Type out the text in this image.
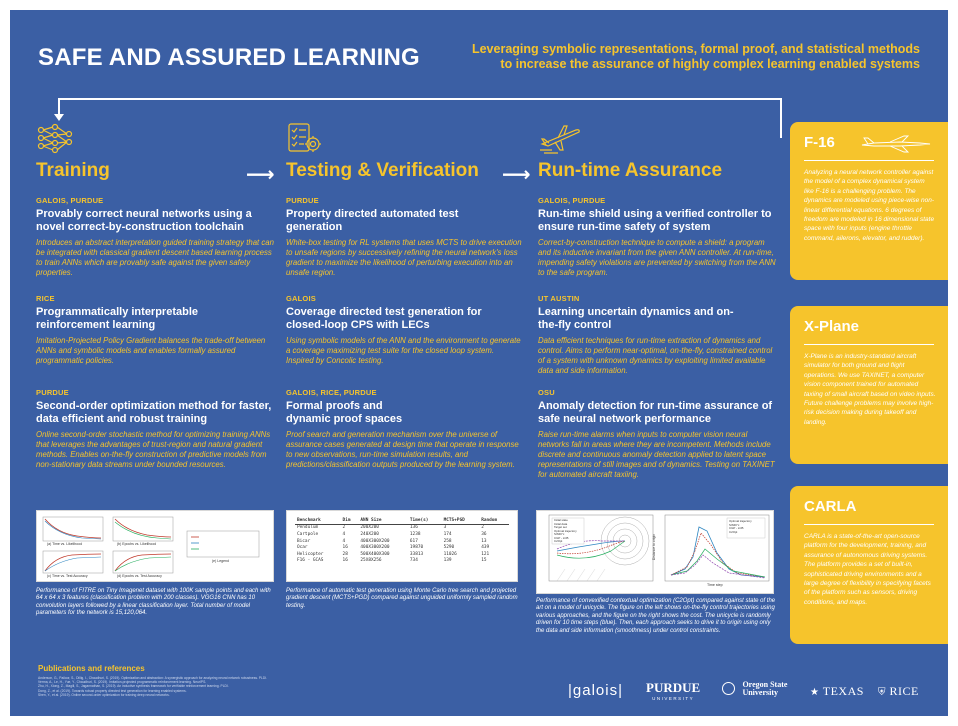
SAFE AND ASSURED LEARNING	Leveraging symbolic representations, formal proof, and statistical methods
to increase the assurance of highly complex learning enabled systems
Training	⟶ Testing & Verification ⟶ Run-time Assurance
GALOIS, PURDUE
Provably correct neural networks using a novel correct-by-construction toolchain
Introduces an abstract interpretation guided training strategy that can be integrated with classical gradient descent based learning process to train ANNs which are provably safe against the given safety properties.
RICE
Programmatically interpretable reinforcement learning
Imitation-Projected Policy Gradient balances the trade-off between ANNs and symbolic models and enables formally assured programmatic policies.
PURDUE
Second-order optimization method for faster, data efficient and robust training
Online second-order stochastic method for optimizing training ANNs that leverages the advantages of trust-region and natural gradient methods. Enables on-the-fly construction of predictive models from non-stationary data streams under bounded resources.
(a) Time vs. Likelihood	(b) Epochs vs. Likelihood
(c) Time vs. Test Accuracy	(d) Epochs vs. Test Accuracy
(e) Legend
Performance of FITRE on Tiny Imagenet dataset with 100K sample points and each with 64 x 64 x 3 features (classification problem with 200 classes). VGG16 CNN has 10 convolution layers followed by a linear classification layer. Total number of model parameters for the network is 15,120,064.
PURDUE
Property directed automated test generation
White-box testing for RL systems that uses MCTS to drive execution to unsafe regions by successively refining the neural network's loss gradient to maximize the likelihood of perturbing execution into an unsafe region.
GALOIS
Coverage directed test generation for closed-loop CPS with LECs
Using symbolic models of the ANN and the environment to generate a coverage maximizing test suite for the closed loop system. Inspired by Concolic testing.
GALOIS, RICE, PURDUE
Formal proofs and dynamic proof spaces
Proof search and generation mechanism over the universe of assurance cases generated at design time that operate in response to new observations, run-time simulation results, and predictions/classification outputs produced by the learning system.
Benchmark	Dim	ANN Size	Time(s)	MCTS+PGD	Random
Pendulum	2	200X200	136	3	2
Cartpole	4	240X200	1238	174	36
Bicar	4	400X300X200	617	258	13
Ocar	16	400X300X200	19870	5290	439
Helicopter	28	500X400X300	33813	11026	121
F16 - GCAS	16	25X8X256	734	139	15
Performance of automatic test generation using Monte Carlo tree search and projected gradient descent (MCTS+PGD) compared against unguided uniformly sampled random testing.
GALOIS, PURDUE
Run-time shield using a verified controller to ensure run-time safety of system
Correct-by-construction technique to compute a shield: a program and its inductive invariant from the given ANN controller. At run-time, impending safety violations are prevented by switching from the ANN to the safe program.
UT AUSTIN
Learning uncertain dynamics and on-the-fly control
Data efficient techniques for run-time extraction of dynamics and control. Aims to perform near-optimal, on-the-fly, constrained control of a system with unknown dynamics by exploiting limited available data and side information.
OSU
Anomaly detection for run-time assurance of safe neural network performance
Raise run-time alarms when inputs to computer vision neural networks fall in areas where they are incompetent. Methods include discrete and continuous anomaly detection applied to latent space representations of still images and of dynamics. Testing on TAXINET for automated aircraft taxiing.
Initial state
Initial data
Target set
Optimal trajectory
SINDYc
CGP - LCB
C2Opt
Optimal trajectory
SINDYc
CGP - LCB
C2Opt
Time step
Distance to origin
Performance of convexified contextual optimization (C2Opt) compared against state of the art on a model of unicycle. The figure on the left shows on-the-fly control trajectories using various approaches, and the figure on the right shows the cost. The unicycle is randomly driven for 10 time steps (blue). Then, each approach seeks to drive it to origin using only the data and side information (smoothness) under control constraints.
F-16
Analyzing a neural network controller against the model of a complex dynamical system like F-16 is a challenging problem. The dynamics are modeled using piece-wise non-linear differential equations. 6 degrees of freedom are modeled in 16 dimensional state space with four inputs (engine throttle command, ailerons, elevator, and rudder).
X-Plane
X-Plane is an industry-standard aircraft simulator for both ground and flight operations. We use TAXINET, a computer vision component trained for automated taxiing of small aircraft based on video inputs. Future challenge problems may involve high-risk decision making during takeoff and landing.
CARLA
CARLA is a state-of-the-art open-source platform for the development, training, and assurance of autonomous driving systems. The platform provides a set of built-in, sophisticated driving environments and a large degree of flexibility in specifying facets of the platform such as sensors, driving conditions, and maps.
Publications and references
Anderson, G., Pailoor, S., Dillig, I., Chaudhuri, S. (2019). Optimization and abstraction: A synergistic approach for analyzing neural network robustness. PLDI.
Verma, A., Le, H., Yue, Y., Chaudhuri, S. (2019). Imitation-projected programmatic reinforcement learning. NeurIPS.
Zhu, H., Xiong, Z., Magill, S., Jagannathan, S. (2019). An inductive synthesis framework for verifiable reinforcement learning. PLDI.
Dong, Z., et al. (2019). Towards robust property directed test generation for learning enabled systems.
Shen, Y., et al. (2019). Online second-order optimization for training deep neural networks.	|galois| PURDUE
UNIVERSITY
Oregon State
University	★ TEXAS ⛨ RICE
